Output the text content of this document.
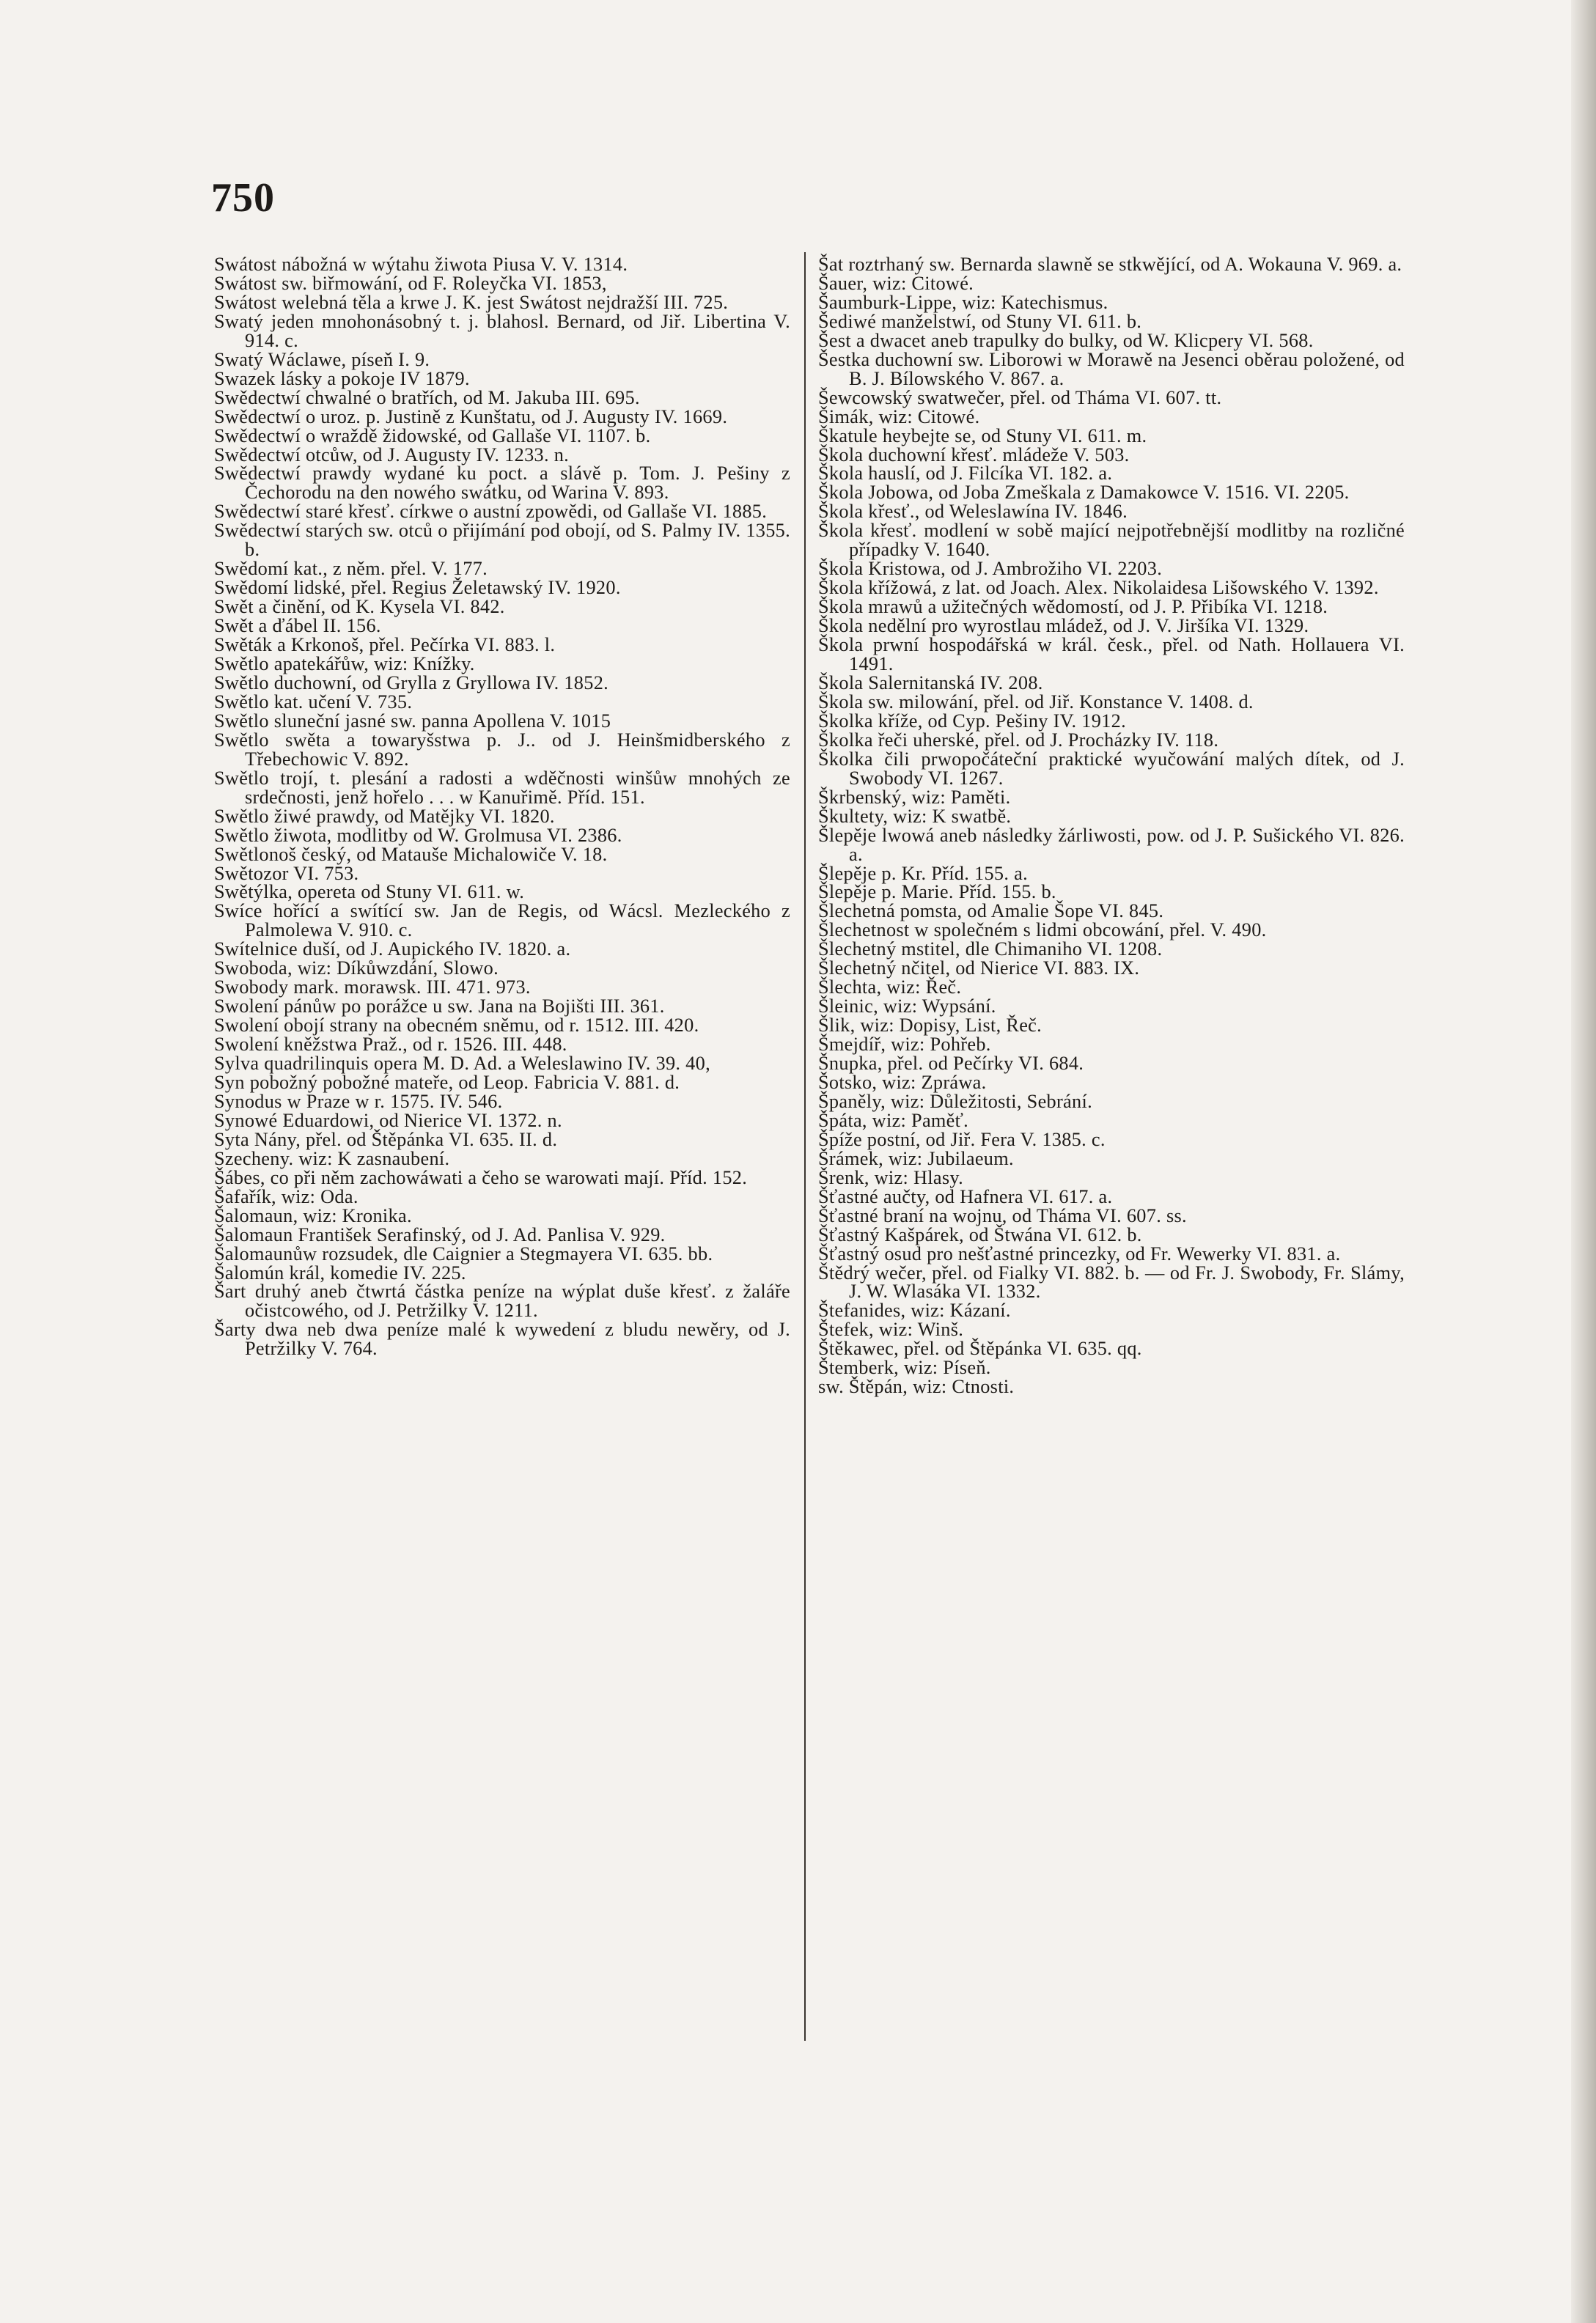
750

Swátost nábožná w wýtahu žiwota Piusa V. V. 1314.

Swátost sw. biřmowání, od F. Roleyčka VI. 1853,

Swátost welebná těla a krwe J. K. jest Swátost nejdražší III. 725.

Swatý jeden mnohonásobný t. j. blahosl. Bernard, od Jiř. Libertina V. 914. c.

Swatý Wáclawe, píseň I. 9.

Swazek lásky a pokoje IV 1879.

Swědectwí chwalné o bratřích, od M. Jakuba III. 695.

Swědectwí o uroz. p. Justině z Kunštatu, od J. Augusty IV. 1669.

Swědectwí o wraždě židowské, od Gallaše VI. 1107. b.

Swědectwí otcůw, od J. Augusty IV. 1233. n.

Swědectwí prawdy wydané ku poct. a slávě p. Tom. J. Pešiny z Čechorodu na den nowého swátku, od Warina V. 893.

Swědectwí staré křesť. církwe o austní zpowědi, od Gallaše VI. 1885.

Swědectwí starých sw. otců o přijímání pod obojí, od S. Palmy IV. 1355. b.

Swědomí kat., z něm. přel. V. 177.

Swědomí lidské, přel. Regius Želetawský IV. 1920.

Swět a činění, od K. Kysela VI. 842.

Swět a ďábel II. 156.

Swěták a Krkonoš, přel. Pečírka VI. 883. l.

Swětlo apatekářůw, wiz: Knížky.

Swětlo duchowní, od Grylla z Gryllowa IV. 1852.

Swětlo kat. učení V. 735.

Swětlo sluneční jasné sw. panna Apollena V. 1015

Swětlo swěta a towaryšstwa p. J.. od J. Heinšmidberského z Třebechowic V. 892.

Swětlo trojí, t. plesání a radosti a wděčnosti winšůw mnohých ze srdečnosti, jenž hořelo . . . w Kanuřimě. Příd. 151.

Swětlo žiwé prawdy, od Matějky VI. 1820.

Swětlo žiwota, modlitby od W. Grolmusa VI. 2386.

Swětlonoš český, od Matauše Michalowiče V. 18.

Swětozor VI. 753.

Swětýlka, opereta od Stuny VI. 611. w.

Swíce hořící a swítící sw. Jan de Regis, od Wácsl. Mezleckého z Palmolewa V. 910. c.

Swítelnice duší, od J. Aupického IV. 1820. a.

Swoboda, wiz: Díkůwzdání, Slowo.

Swobody mark. morawsk. III. 471. 973.

Swolení pánůw po porážce u sw. Jana na Bojišti III. 361.

Swolení obojí strany na obecném sněmu, od r. 1512. III. 420.

Swolení kněžstwa Praž., od r. 1526. III. 448.

Sylva quadrilinquis opera M. D. Ad. a Weleslawino IV. 39. 40,

Syn pobožný pobožné mateře, od Leop. Fabricia V. 881. d.

Synodus w Praze w r. 1575. IV. 546.

Synowé Eduardowi, od Nierice VI. 1372. n.

Syta Nány, přel. od Štěpánka VI. 635. II. d.

Szecheny. wiz: K zasnaubení.

Šábes, co při něm zachowáwati a čeho se warowati mají. Příd. 152.

Šafařík, wiz: Oda.

Šalomaun, wiz: Kronika.

Šalomaun František Serafinský, od J. Ad. Panlisa V. 929.

Šalomaunůw rozsudek, dle Caignier a Stegmayera VI. 635. bb.

Šalomún král, komedie IV. 225.

Šart druhý aneb čtwrtá částka peníze na wýplat duše křesť. z žaláře očistcowého, od J. Petržilky V. 1211.

Šarty dwa neb dwa peníze malé k wywedení z bludu newěry, od J. Petržilky V. 764.

Šat roztrhaný sw. Bernarda slawně se stkwějící, od A. Wokauna V. 969. a.

Šauer, wiz: Citowé.

Šaumburk-Lippe, wiz: Katechismus.

Šediwé manželstwí, od Stuny VI. 611. b.

Šest a dwacet aneb trapulky do bulky, od W. Klicpery VI. 568.

Šestka duchowní sw. Liborowi w Morawě na Jesenci oběrau položené, od B. J. Bílowského V. 867. a.

Šewcowský swatwečer, přel. od Thámа VI. 607. tt.

Šimák, wiz: Citowé.

Škatule heybejte se, od Stuny VI. 611. m.

Škola duchowní křesť. mládeže V. 503.

Škola hauslí, od J. Filcíka VI. 182. a.

Škola Jobowa, od Joba Zmeškala z Damakowce V. 1516. VI. 2205.

Škola křesť., od Weleslawína IV. 1846.

Škola křesť. modlení w sobě mající nejpotřebnější modlitby na rozličné případky V. 1640.

Škola Kristowa, od J. Ambrožiho VI. 2203.

Škola křížowá, z lat. od Joach. Alex. Nikolaidesa Lišowského V. 1392.

Škola mrawů a užitečných wědomostí, od J. P. Přibíka VI. 1218.

Škola nedělní pro wyrostlau mládež, od J. V. Jiršíka VI. 1329.

Škola prwní hospodářská w král. česk., přel. od Nath. Hollauera VI. 1491.

Škola Salernitanská IV. 208.

Škola sw. milowání, přel. od Jiř. Konstance V. 1408. d.

Školka kříže, od Cyp. Pešiny IV. 1912.

Školka řeči uherské, přel. od J. Procházky IV. 118.

Školka čili prwopočáteční praktické wyučowání malých dítek, od J. Swobody VI. 1267.

Škrbenský, wiz: Paměti.

Škultety, wiz: K swatbě.

Šlepěje lwowá aneb následky žárliwosti, pow. od J. P. Sušického VI. 826. a.

Šlepěje p. Kr. Příd. 155. a.

Šlepěje p. Marie. Příd. 155. b.

Šlechetná pomsta, od Amalie Šope VI. 845.

Šlechetnost w společném s lidmi obcowání, přel. V. 490.

Šlechetný mstitel, dle Chimaniho VI. 1208.

Šlechetný nčitel, od Nierice VI. 883. IX.

Šlechta, wiz: Řeč.

Šleinic, wiz: Wypsání.

Šlik, wiz: Dopisy, List, Řeč.

Šmejdíř, wiz: Pohřeb.

Šnupka, přel. od Pečírky VI. 684.

Šotsko, wiz: Zpráwa.

Španěly, wiz: Důležitosti, Sebrání.

Špáta, wiz: Paměť.

Špíže postní, od Jiř. Fera V. 1385. c.

Šrámek, wiz: Jubilaeum.

Šrenk, wiz: Hlasy.

Šťastné aučty, od Hafnera VI. 617. a.

Šťastné braní na wojnu, od Tháma VI. 607. ss.

Šťastný Kašpárek, od Štwána VI. 612. b.

Šťastný osud pro nešťastné princezky, od Fr. Wewerky VI. 831. a.

Štědrý wečer, přel. od Fialky VI. 882. b. — od Fr. J. Swobody, Fr. Slámy, J. W. Wlasáka VI. 1332.

Štefanides, wiz: Kázaní.

Štefek, wiz: Winš.

Štěkawec, přel. od Štěpánka VI. 635. qq.

Štemberk, wiz: Píseň.

sw. Štěpán, wiz: Ctnosti.
